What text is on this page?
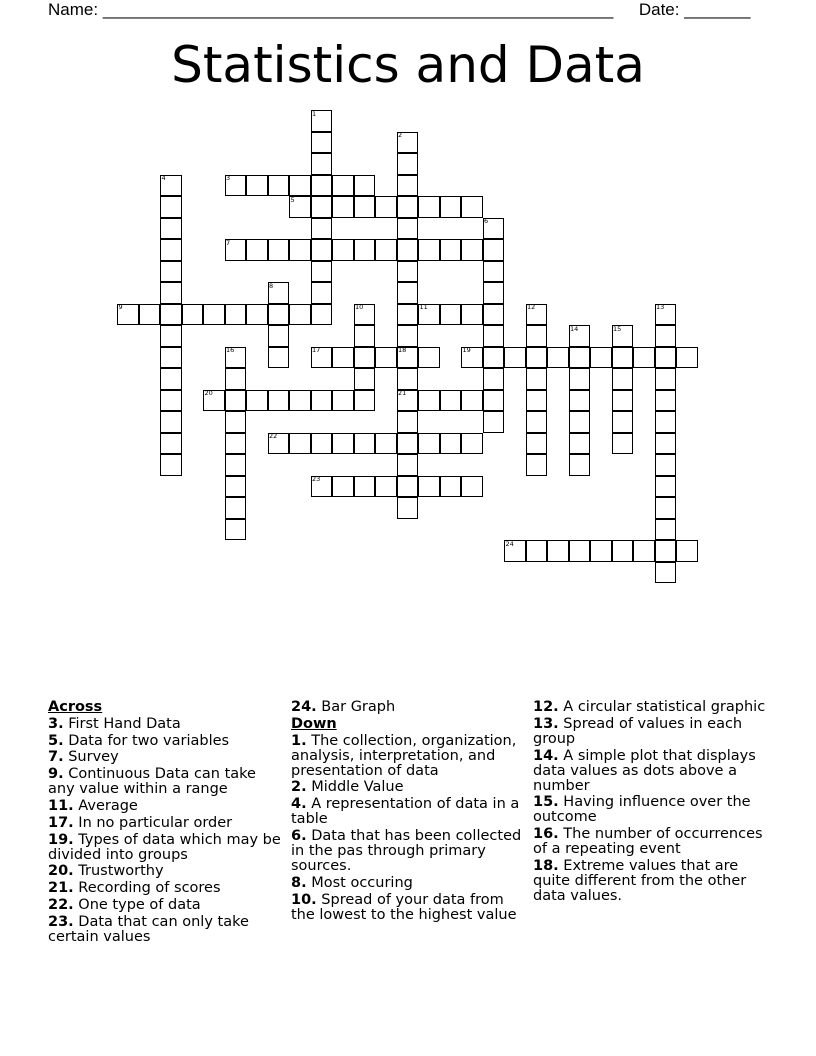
Name: ______________________________________________________ Date: _______
Statistics and Data
1
2
3
4
5
6
7
8
9	10	11	12	13
14	15
16	17	18	19
20	21
22
23
24
Across
3. First Hand Data
5. Data for two variables
7. Survey
9. Continuous Data can take any value within a range
11. Average
17. In no particular order
19. Types of data which may be divided into groups
20. Trustworthy
21. Recording of scores
22. One type of data
23. Data that can only take certain values
24. Bar Graph
Down
1. The collection, organization, analysis, interpretation, and presentation of data
2. Middle Value
4. A representation of data in a table
6. Data that has been collected in the pas through primary sources.
8. Most occuring
10. Spread of your data from the lowest to the highest value
12. A circular statistical graphic
13. Spread of values in each group
14. A simple plot that displays data values as dots above a number
15. Having influence over the outcome
16. The number of occurrences of a repeating event
18. Extreme values that are quite different from the other data values.
